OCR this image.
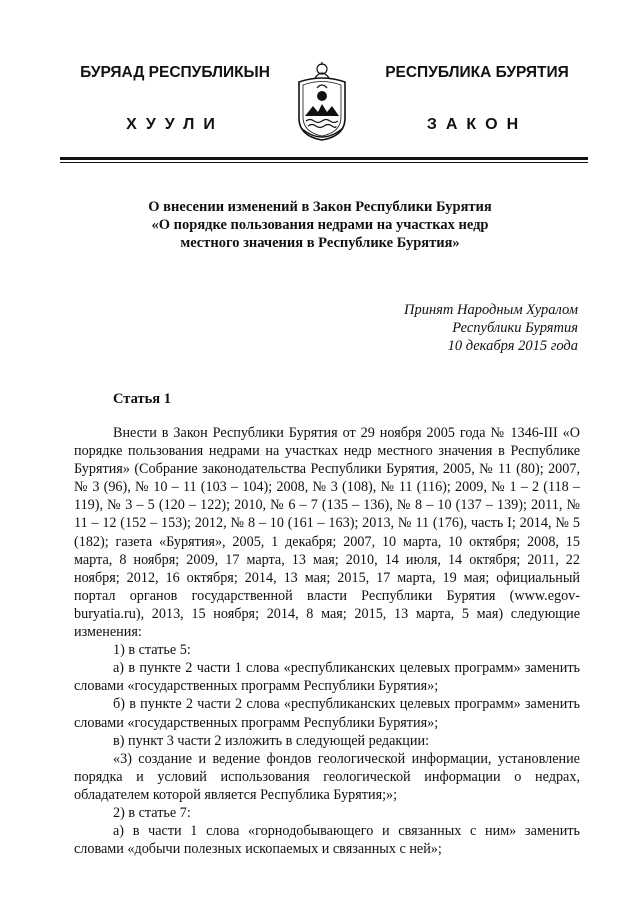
БУРЯАД РЕСПУБЛИКЫН	РЕСПУБЛИКА БУРЯТИЯ
ХУУЛИ	ЗАКОН
О внесении изменений в Закон Республики Бурятия
«О порядке пользования недрами на участках недр
местного значения в Республике Бурятия»
Принят Народным Хуралом
Республики Бурятия
10 декабря 2015 года
Статья 1

Внести в Закон Республики Бурятия от 29 ноября 2005 года № 1346-III «О порядке пользования недрами на участках недр местного значения в Республике Бурятия» (Собрание законодательства Республики Бурятия, 2005, № 11 (80); 2007, № 3 (96), № 10 – 11 (103 – 104); 2008, № 3 (108), № 11 (116); 2009, № 1 – 2 (118 – 119), № 3 – 5 (120 – 122); 2010, № 6 – 7 (135 – 136), № 8 – 10 (137 – 139); 2011, № 11 – 12 (152 – 153); 2012, № 8 – 10 (161 – 163); 2013, № 11 (176), часть I; 2014, № 5 (182); газета «Бурятия», 2005, 1 декабря; 2007, 10 марта, 10 октября; 2008, 15 марта, 8 ноября; 2009, 17 марта, 13 мая; 2010, 14 июля, 14 октября; 2011, 22 ноября; 2012, 16 октября; 2014, 13 мая; 2015, 17 марта, 19 мая; официальный портал органов государственной власти Республики Бурятия (www.egov-buryatia.ru), 2013, 15 ноября; 2014, 8 мая; 2015, 13 марта, 5 мая) следующие изменения:

1) в статье 5:

а) в пункте 2 части 1 слова «республиканских целевых программ» заменить словами «государственных программ Республики Бурятия»;

б) в пункте 2 части 2 слова «республиканских целевых программ» заменить словами «государственных программ Республики Бурятия»;

в) пункт 3 части 2 изложить в следующей редакции:

«3) создание и ведение фондов геологической информации, установление порядка и условий использования геологической информации о недрах, обладателем которой является Республика Бурятия;»;

2) в статье 7:

а) в части 1 слова «горнодобывающего и связанных с ним» заменить словами «добычи полезных ископаемых и связанных с ней»;
